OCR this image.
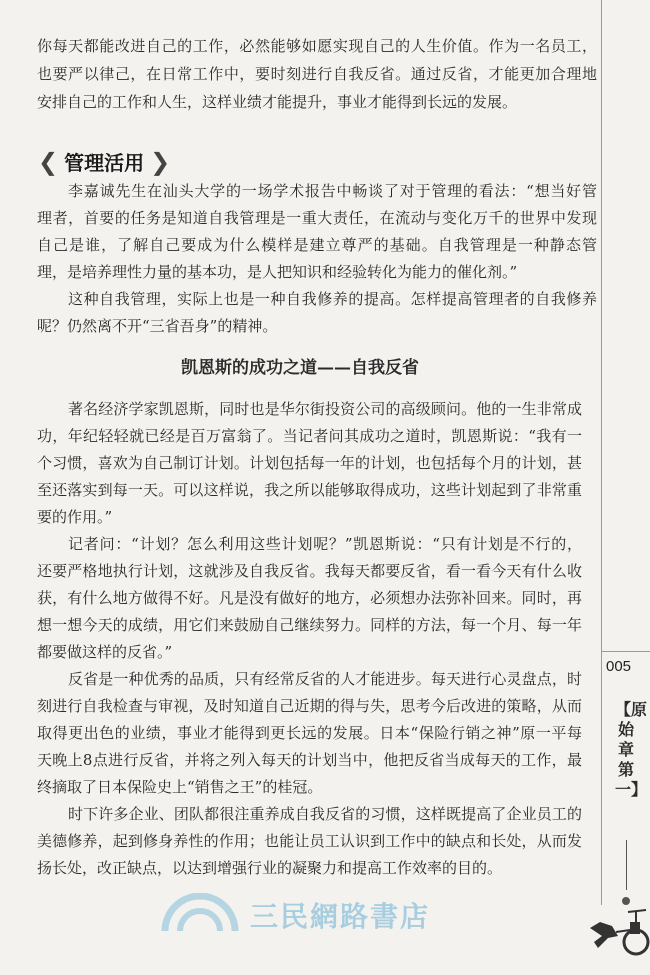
你每天都能改进自己的工作，必然能够如愿实现自己的人生价值。作为一名员工，
也要严以律己，在日常工作中，要时刻进行自我反省。通过反省，才能更加合理地
安排自己的工作和人生，这样业绩才能提升，事业才能得到长远的发展。
❮ 管理活用 ❯
李嘉诚先生在汕头大学的一场学术报告中畅谈了对于管理的看法：“想当好管
理者，首要的任务是知道自我管理是一重大责任，在流动与变化万千的世界中发现
自己是谁，了解自己要成为什么模样是建立尊严的基础。自我管理是一种静态管
理，是培养理性力量的基本功，是人把知识和经验转化为能力的催化剂。”
这种自我管理，实际上也是一种自我修养的提高。怎样提高管理者的自我修养
呢？仍然离不开“三省吾身”的精神。
凯恩斯的成功之道——自我反省
著名经济学家凯恩斯，同时也是华尔街投资公司的高级顾问。他的一生非常成
功，年纪轻轻就已经是百万富翁了。当记者问其成功之道时，凯恩斯说：“我有一
个习惯，喜欢为自己制订计划。计划包括每一年的计划，也包括每个月的计划，甚
至还落实到每一天。可以这样说，我之所以能够取得成功，这些计划起到了非常重
要的作用。”
记者问：“计划？怎么利用这些计划呢？”凯恩斯说：“只有计划是不行的，
还要严格地执行计划，这就涉及自我反省。我每天都要反省，看一看今天有什么收
获，有什么地方做得不好。凡是没有做好的地方，必须想办法弥补回来。同时，再
想一想今天的成绩，用它们来鼓励自己继续努力。同样的方法，每一个月、每一年
都要做这样的反省。”
反省是一种优秀的品质，只有经常反省的人才能进步。每天进行心灵盘点，时
刻进行自我检查与审视，及时知道自己近期的得与失，思考今后改进的策略，从而
取得更出色的业绩，事业才能得到更长远的发展。日本“保险行销之神”原一平每
天晚上8点进行反省，并将之列入每天的计划当中，他把反省当成每天的工作，最
终摘取了日本保险史上“销售之王”的桂冠。
时下许多企业、团队都很注重养成自我反省的习惯，这样既提高了企业员工的
美德修养，起到修身养性的作用；也能让员工认识到工作中的缺点和长处，从而发
扬长处，改正缺点，以达到增强行业的凝聚力和提高工作效率的目的。
三民網路書店
005
【原始章第一】
